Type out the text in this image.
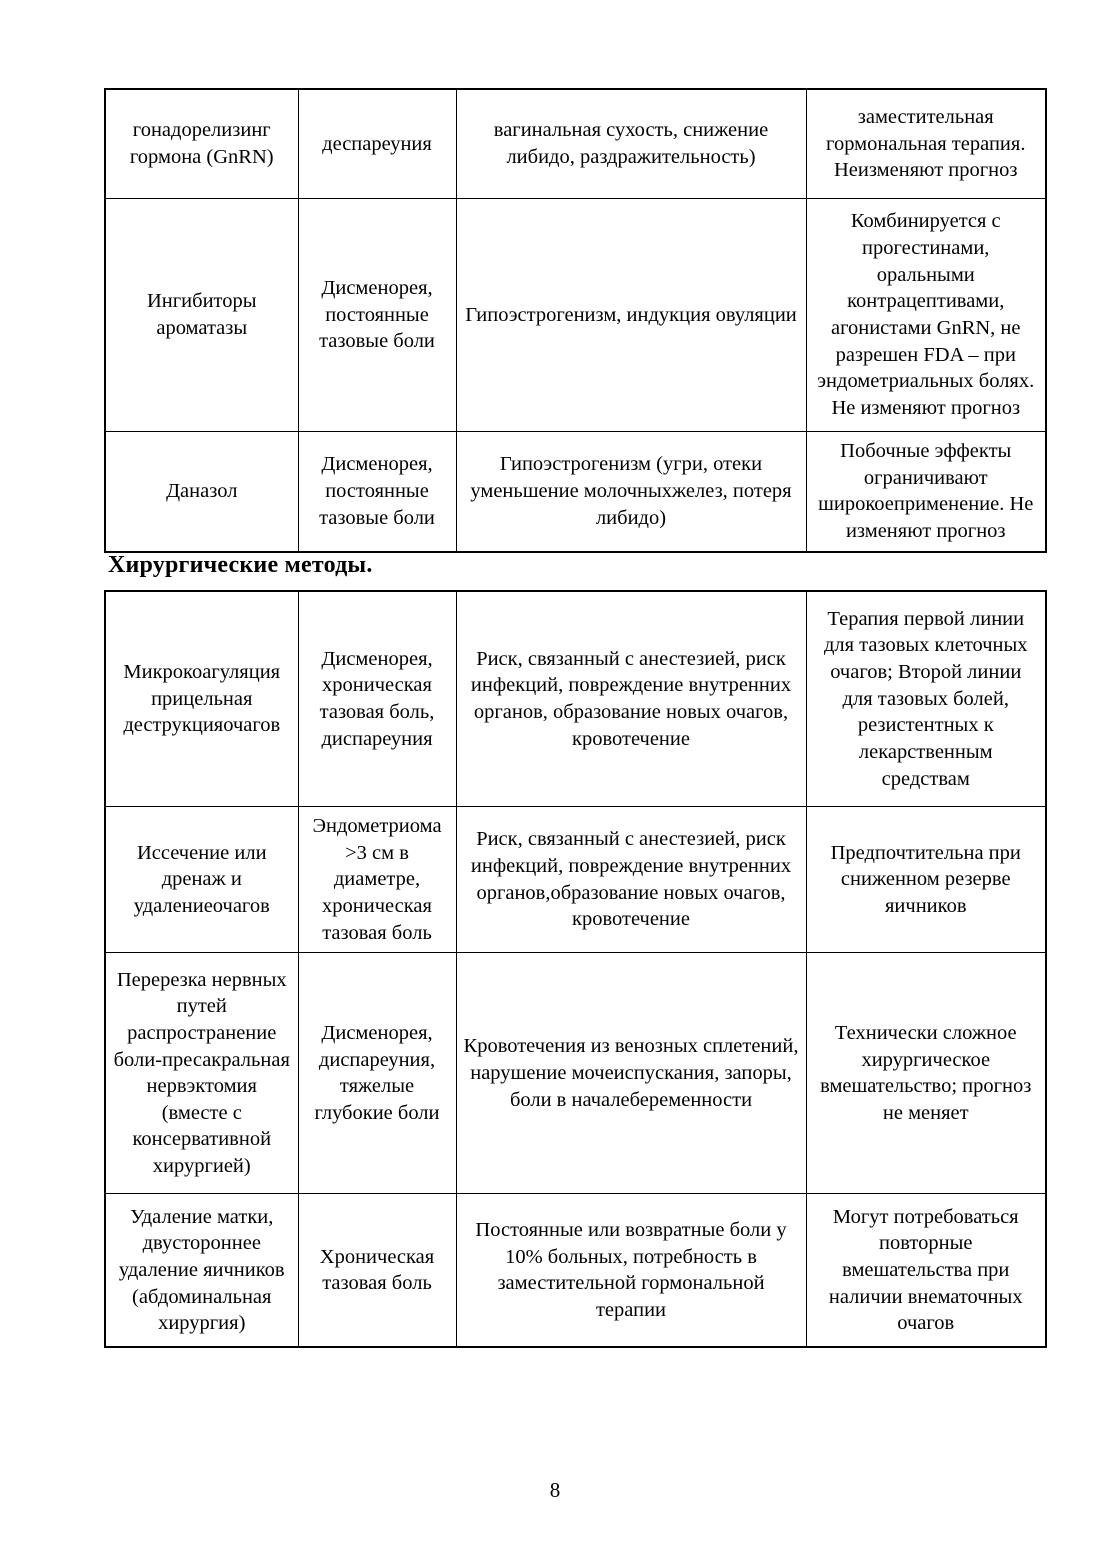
гонадорелизинг гормона (GnRN)	деспареуния	вагинальная сухость, снижение либидо, раздражительность)	заместительная гормональная терапия. Неизменяют прогноз
Ингибиторы ароматазы	Дисменорея, постоянные тазовые боли	Гипоэстрогенизм, индукция овуляции	Комбинируется с прогестинами, оральными контрацептивами, агонистами GnRN, не разрешен FDA – при эндометриальных болях. Не изменяют прогноз
Даназол	Дисменорея, постоянные тазовые боли	Гипоэстрогенизм (угри, отеки уменьшение молочныхжелез, потеря либидо)	Побочные эффекты ограничивают широкоеприменение. Не изменяют прогноз
Хирургические методы.
Микрокоагуляция прицельная деструкцияочагов	Дисменорея, хроническая тазовая боль, диспареуния	Риск, связанный с анестезией, риск инфекций, повреждение внутренних органов, образование новых очагов, кровотечение	Терапия первой линии для тазовых клеточных очагов; Второй линии для тазовых болей, резистентных к лекарственным средствам
Иссечение или дренаж и удалениеочагов	Эндометриома >3 см в диаметре, хроническая тазовая боль	Риск, связанный с анестезией, риск инфекций, повреждение внутренних органов,образование новых очагов, кровотечение	Предпочтительна при сниженном резерве яичников
Перерезка нервных путей распространение боли-пресакральная нервэктомия (вместе с консервативной хирургией)	Дисменорея, диспареуния, тяжелые глубокие боли	Кровотечения из венозных сплетений, нарушение мочеиспускания, запоры, боли в началебеременности	Технически сложное хирургическое вмешательство; прогноз не меняет
Удаление матки, двустороннее удаление яичников (абдоминальная хирургия)	Хроническая тазовая боль	Постоянные или возвратные боли у 10% больных, потребность в заместительной гормональной терапии	Могут потребоваться повторные вмешательства при наличии внематочных очагов
8
